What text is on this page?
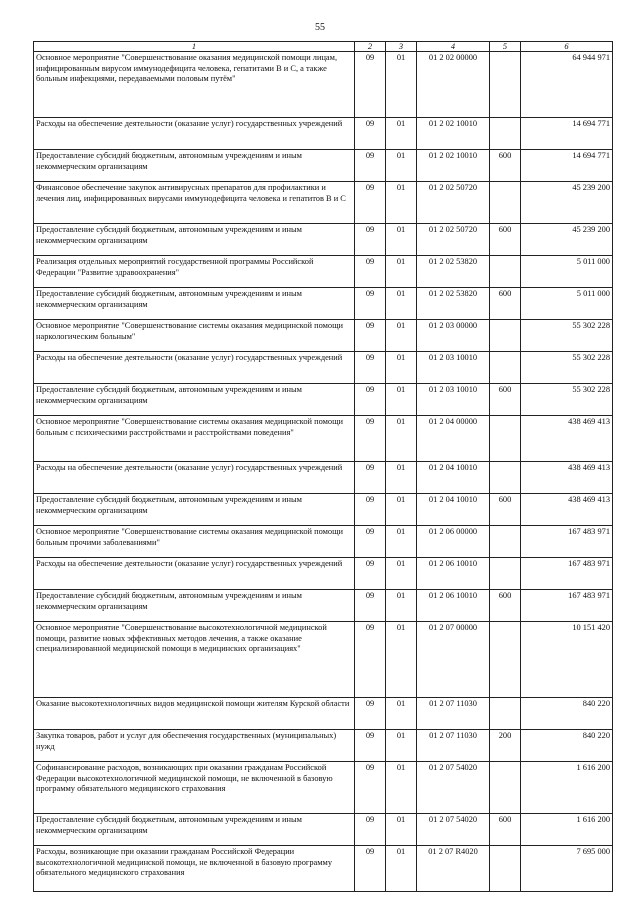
55
1	2	3	4	5	6
Основное мероприятие "Совершенствование оказания медицинской помощи лицам, инфицированным вирусом иммунодефицита человека, гепатитами В и С, а также больным инфекциями, передаваемыми половым путём"	09	01	01 2 02 00000		64 944 971
Расходы на обеспечение деятельности (оказание услуг) государственных учреждений	09	01	01 2 02 10010		14 694 771
Предоставление субсидий бюджетным, автономным учреждениям и иным некоммерческим организациям	09	01	01 2 02 10010	600	14 694 771
Финансовое обеспечение закупок антивирусных препаратов для профилактики и лечения лиц, инфицированных вирусами иммунодефицита человека и гепатитов В и С	09	01	01 2 02 50720		45 239 200
Предоставление субсидий бюджетным, автономным учреждениям и иным некоммерческим организациям	09	01	01 2 02 50720	600	45 239 200
Реализация отдельных мероприятий государственной программы Российской Федерации "Развитие здравоохранения"	09	01	01 2 02 53820		5 011 000
Предоставление субсидий бюджетным, автономным учреждениям и иным некоммерческим организациям	09	01	01 2 02 53820	600	5 011 000
Основное мероприятие "Совершенствование системы оказания медицинской помощи наркологическим больным"	09	01	01 2 03 00000		55 302 228
Расходы на обеспечение деятельности (оказание услуг) государственных учреждений	09	01	01 2 03 10010		55 302 228
Предоставление субсидий бюджетным, автономным учреждениям и иным некоммерческим организациям	09	01	01 2 03 10010	600	55 302 228
Основное мероприятие "Совершенствование системы оказания медицинской помощи больным с психическими расстройствами и расстройствами поведения"	09	01	01 2 04 00000		438 469 413
Расходы на обеспечение деятельности (оказание услуг) государственных учреждений	09	01	01 2 04 10010		438 469 413
Предоставление субсидий бюджетным, автономным учреждениям и иным некоммерческим организациям	09	01	01 2 04 10010	600	438 469 413
Основное мероприятие "Совершенствование системы оказания медицинской помощи больным прочими заболеваниями"	09	01	01 2 06 00000		167 483 971
Расходы на обеспечение деятельности (оказание услуг) государственных учреждений	09	01	01 2 06 10010		167 483 971
Предоставление субсидий бюджетным, автономным учреждениям и иным некоммерческим организациям	09	01	01 2 06 10010	600	167 483 971
Основное мероприятие "Совершенствование высокотехнологичной медицинской помощи, развитие новых эффективных методов лечения, а также оказание специализированной медицинской помощи в медицинских организациях"	09	01	01 2 07 00000		10 151 420
Оказание высокотехнологичных видов медицинской помощи жителям Курской области	09	01	01 2 07 11030		840 220
Закупка товаров, работ и услуг для обеспечения государственных (муниципальных) нужд	09	01	01 2 07 11030	200	840 220
Софинансирование расходов, возникающих при оказании гражданам Российской Федерации высокотехнологичной медицинской помощи, не включенной в базовую программу обязательного медицинского страхования	09	01	01 2 07 54020		1 616 200
Предоставление субсидий бюджетным, автономным учреждениям и иным некоммерческим организациям	09	01	01 2 07 54020	600	1 616 200
Расходы, возникающие при оказании гражданам Российской Федерации высокотехнологичной медицинской помощи, не включенной в базовую программу обязательного медицинского страхования	09	01	01 2 07 R4020		7 695 000
